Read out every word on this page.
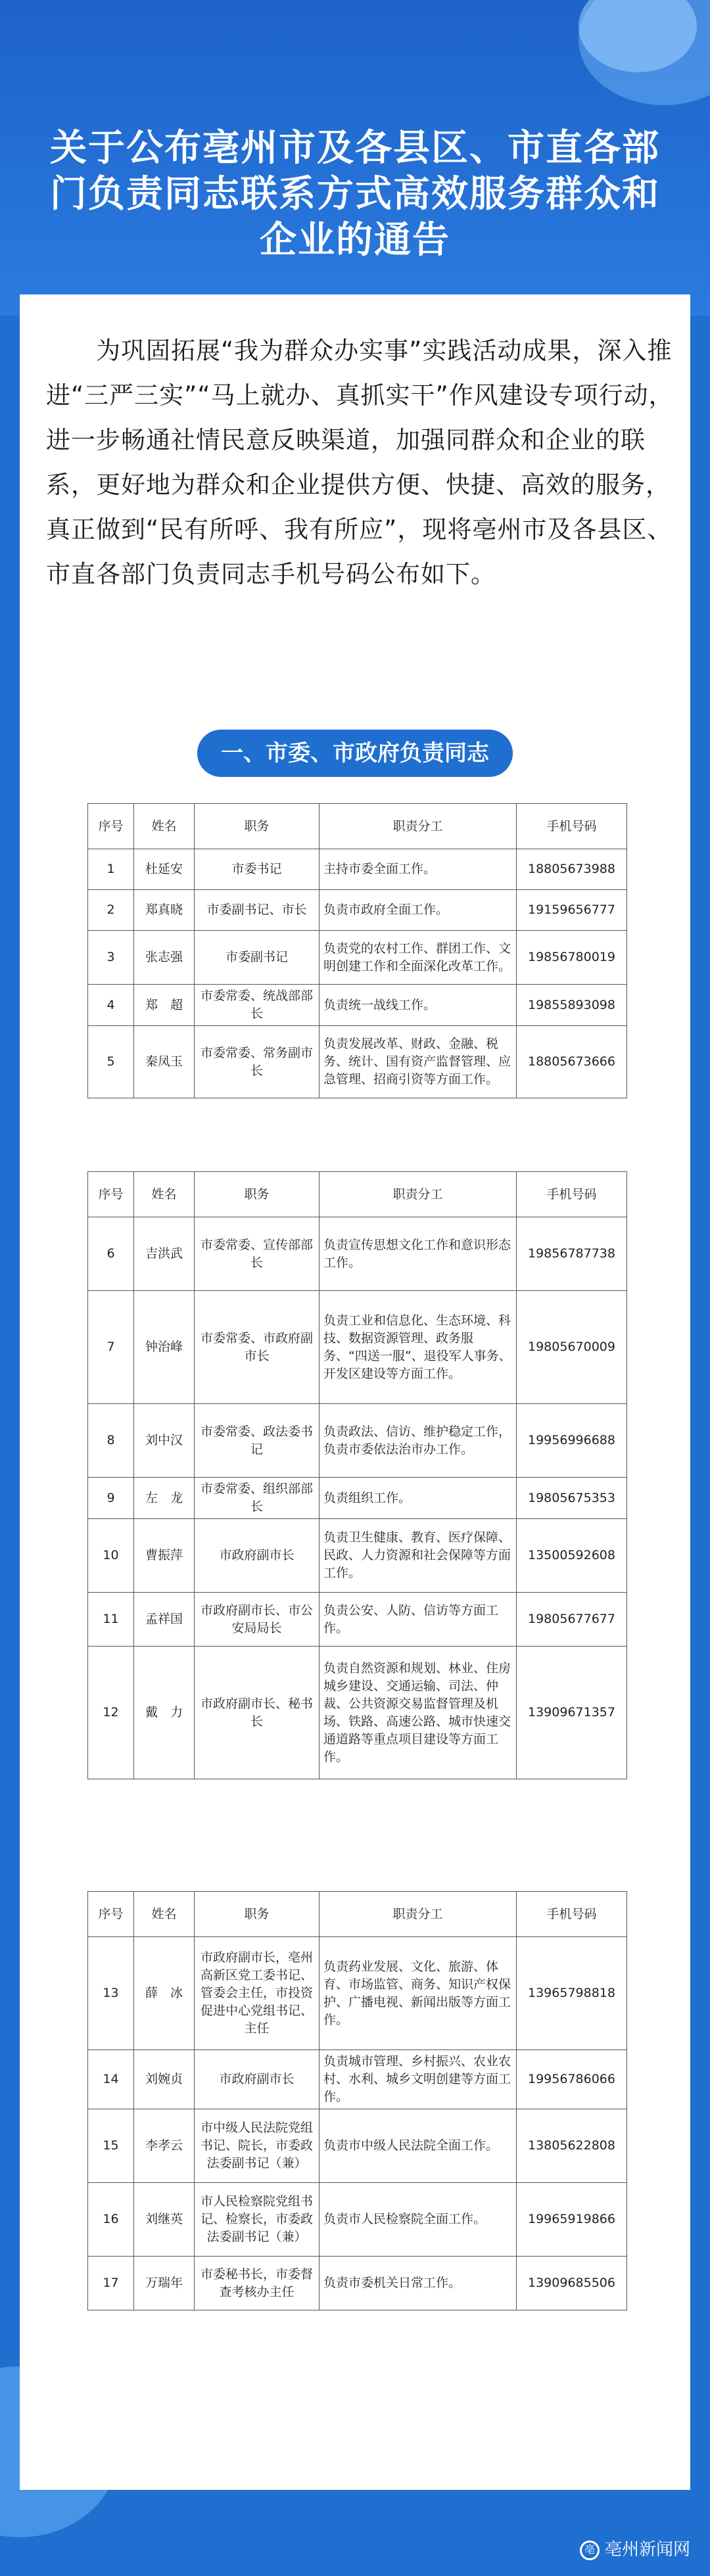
关于公布亳州市及各县区、市直各部门负责同志联系方式高效服务群众和企业的通告
为巩固拓展“我为群众办实事”实践活动成果，深入推进“三严三实”“马上就办、真抓实干”作风建设专项行动，进一步畅通社情民意反映渠道，加强同群众和企业的联系，更好地为群众和企业提供方便、快捷、高效的服务，真正做到“民有所呼、我有所应”，现将亳州市及各县区、市直各部门负责同志手机号码公布如下。
一、市委、市政府负责同志
序号	姓名	职务	职责分工	手机号码
1	杜延安	市委书记	主持市委全面工作。	18805673988
2	郑真晓	市委副书记、市长	负责市政府全面工作。	19159656777
3	张志强	市委副书记	负责党的农村工作、群团工作、文明创建工作和全面深化改革工作。	19856780019
4	郑　超	市委常委、统战部部长	负责统一战线工作。	19855893098
5	秦凤玉	市委常委、常务副市长	负责发展改革、财政、金融、税务、统计、国有资产监督管理、应急管理、招商引资等方面工作。	18805673666
序号	姓名	职务	职责分工	手机号码
6	吉洪武	市委常委、宣传部部长	负责宣传思想文化工作和意识形态工作。	19856787738
7	钟治峰	市委常委、市政府副市长	负责工业和信息化、生态环境、科技、数据资源管理、政务服务、“四送一服”、退役军人事务、开发区建设等方面工作。	19805670009
8	刘中汉	市委常委、政法委书记	负责政法、信访、维护稳定工作，负责市委依法治市办工作。	19956996688
9	左　龙	市委常委、组织部部长	负责组织工作。	19805675353
10	曹振萍	市政府副市长	负责卫生健康、教育、医疗保障、民政、人力资源和社会保障等方面工作。	13500592608
11	孟祥国	市政府副市长、市公安局局长	负责公安、人防、信访等方面工作。	19805677677
12	戴　力	市政府副市长、秘书长	负责自然资源和规划、林业、住房城乡建设、交通运输、司法、仲裁、公共资源交易监督管理及机场、铁路、高速公路、城市快速交通道路等重点项目建设等方面工作。	13909671357
序号	姓名	职务	职责分工	手机号码
13	薛　冰	市政府副市长，亳州高新区党工委书记、管委会主任，市投资促进中心党组书记、主任	负责药业发展、文化、旅游、体育、市场监管、商务、知识产权保护、广播电视、新闻出版等方面工作。	13965798818
14	刘婉贞	市政府副市长	负责城市管理、乡村振兴、农业农村、水利、城乡文明创建等方面工作。	19956786066
15	李孝云	市中级人民法院党组书记、院长，市委政法委副书记（兼）	负责市中级人民法院全面工作。	13805622808
16	刘继英	市人民检察院党组书记、检察长，市委政法委副书记（兼）	负责市人民检察院全面工作。	19965919866
17	万瑞年	市委秘书长，市委督查考核办主任	负责市委机关日常工作。	13909685506
亳 亳州新闻网
